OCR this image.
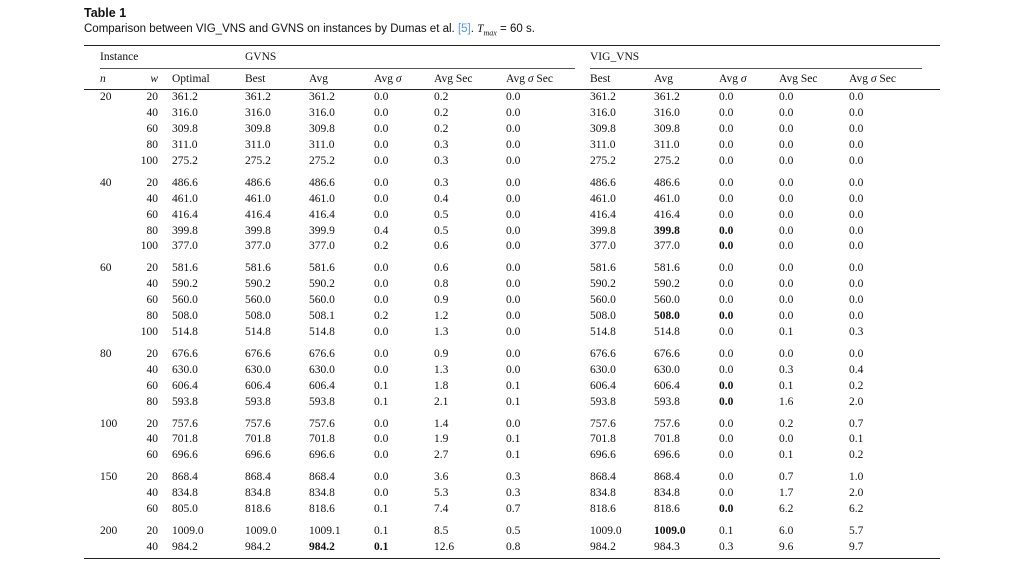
Table 1
Comparison between VIG_VNS and GVNS on instances by Dumas et al. [5]. $T_{max} = 60$ s.
Instance			GVNS					VIG_VNS				
n	w	Optimal	Best	Avg	Avg σ	Avg Sec	Avg σ Sec	Best	Avg	Avg σ	Avg Sec	Avg σ Sec
20	20	361.2	361.2	361.2	0.0	0.2	0.0	361.2	361.2	0.0	0.0	0.0
	40	316.0	316.0	316.0	0.0	0.2	0.0	316.0	316.0	0.0	0.0	0.0
	60	309.8	309.8	309.8	0.0	0.2	0.0	309.8	309.8	0.0	0.0	0.0
	80	311.0	311.0	311.0	0.0	0.3	0.0	311.0	311.0	0.0	0.0	0.0
	100	275.2	275.2	275.2	0.0	0.3	0.0	275.2	275.2	0.0	0.0	0.0
40	20	486.6	486.6	486.6	0.0	0.3	0.0	486.6	486.6	0.0	0.0	0.0
	40	461.0	461.0	461.0	0.0	0.4	0.0	461.0	461.0	0.0	0.0	0.0
	60	416.4	416.4	416.4	0.0	0.5	0.0	416.4	416.4	0.0	0.0	0.0
	80	399.8	399.8	399.9	0.4	0.5	0.0	399.8	399.8	0.0	0.0	0.0
	100	377.0	377.0	377.0	0.2	0.6	0.0	377.0	377.0	0.0	0.0	0.0
60	20	581.6	581.6	581.6	0.0	0.6	0.0	581.6	581.6	0.0	0.0	0.0
	40	590.2	590.2	590.2	0.0	0.8	0.0	590.2	590.2	0.0	0.0	0.0
	60	560.0	560.0	560.0	0.0	0.9	0.0	560.0	560.0	0.0	0.0	0.0
	80	508.0	508.0	508.1	0.2	1.2	0.0	508.0	508.0	0.0	0.0	0.0
	100	514.8	514.8	514.8	0.0	1.3	0.0	514.8	514.8	0.0	0.1	0.3
80	20	676.6	676.6	676.6	0.0	0.9	0.0	676.6	676.6	0.0	0.0	0.0
	40	630.0	630.0	630.0	0.0	1.3	0.0	630.0	630.0	0.0	0.3	0.4
	60	606.4	606.4	606.4	0.1	1.8	0.1	606.4	606.4	0.0	0.1	0.2
	80	593.8	593.8	593.8	0.1	2.1	0.1	593.8	593.8	0.0	1.6	2.0
100	20	757.6	757.6	757.6	0.0	1.4	0.0	757.6	757.6	0.0	0.2	0.7
	40	701.8	701.8	701.8	0.0	1.9	0.1	701.8	701.8	0.0	0.0	0.1
	60	696.6	696.6	696.6	0.0	2.7	0.1	696.6	696.6	0.0	0.1	0.2
150	20	868.4	868.4	868.4	0.0	3.6	0.3	868.4	868.4	0.0	0.7	1.0
	40	834.8	834.8	834.8	0.0	5.3	0.3	834.8	834.8	0.0	1.7	2.0
	60	805.0	818.6	818.6	0.1	7.4	0.7	818.6	818.6	0.0	6.2	6.2
200	20	1009.0	1009.0	1009.1	0.1	8.5	0.5	1009.0	1009.0	0.1	6.0	5.7
	40	984.2	984.2	984.2	0.1	12.6	0.8	984.2	984.3	0.3	9.6	9.7
